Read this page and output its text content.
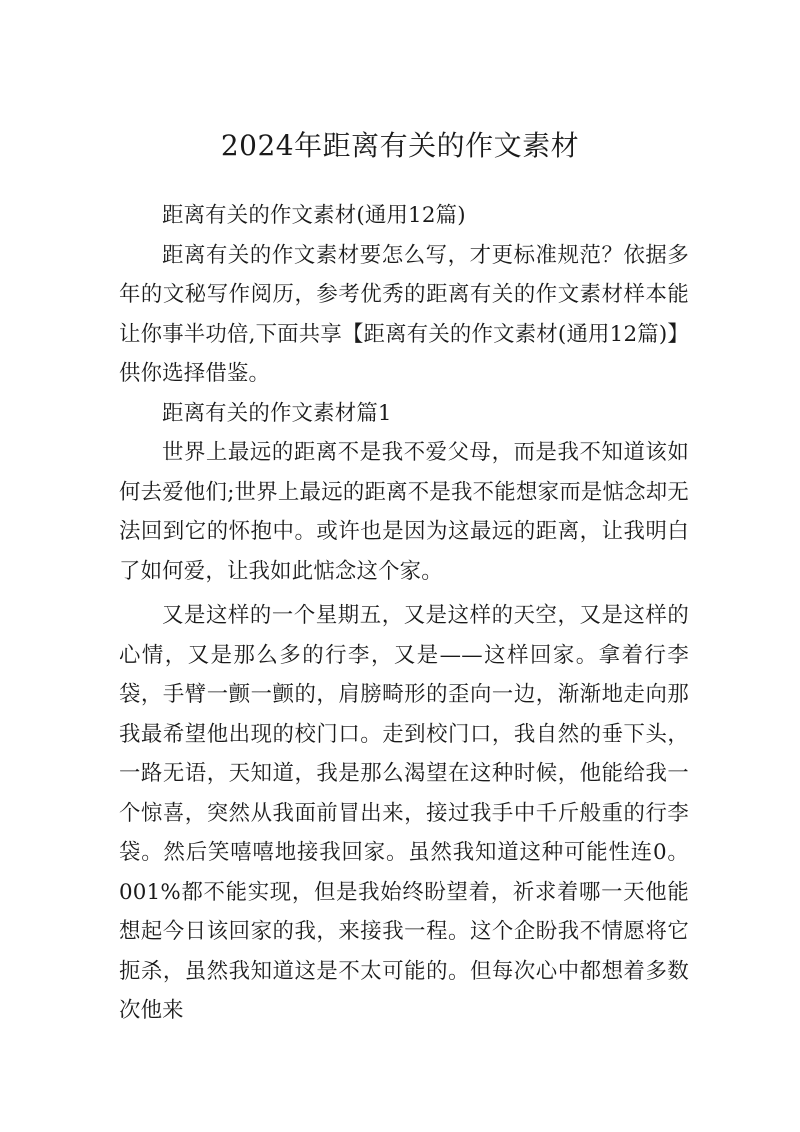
2024年距离有关的作文素材

距离有关的作文素材(通用12篇)

距离有关的作文素材要怎么写，才更标准规范？依据多年的文秘写作阅历，参考优秀的距离有关的作文素材样本能让你事半功倍,下面共享【距离有关的作文素材(通用12篇)】供你选择借鉴。

距离有关的作文素材篇1

世界上最远的距离不是我不爱父母，而是我不知道该如何去爱他们;世界上最远的距离不是我不能想家而是惦念却无法回到它的怀抱中。或许也是因为这最远的距离，让我明白了如何爱，让我如此惦念这个家。

又是这样的一个星期五，又是这样的天空，又是这样的心情，又是那么多的行李，又是——这样回家。拿着行李袋，手臂一颤一颤的，肩膀畸形的歪向一边，渐渐地走向那我最希望他出现的校门口。走到校门口，我自然的垂下头，一路无语，天知道，我是那么渴望在这种时候，他能给我一个惊喜，突然从我面前冒出来，接过我手中千斤般重的行李袋。然后笑嘻嘻地接我回家。虽然我知道这种可能性连0。001%都不能实现，但是我始终盼望着，祈求着哪一天他能想起今日该回家的我，来接我一程。这个企盼我不情愿将它扼杀，虽然我知道这是不太可能的。但每次心中都想着多数次他来
